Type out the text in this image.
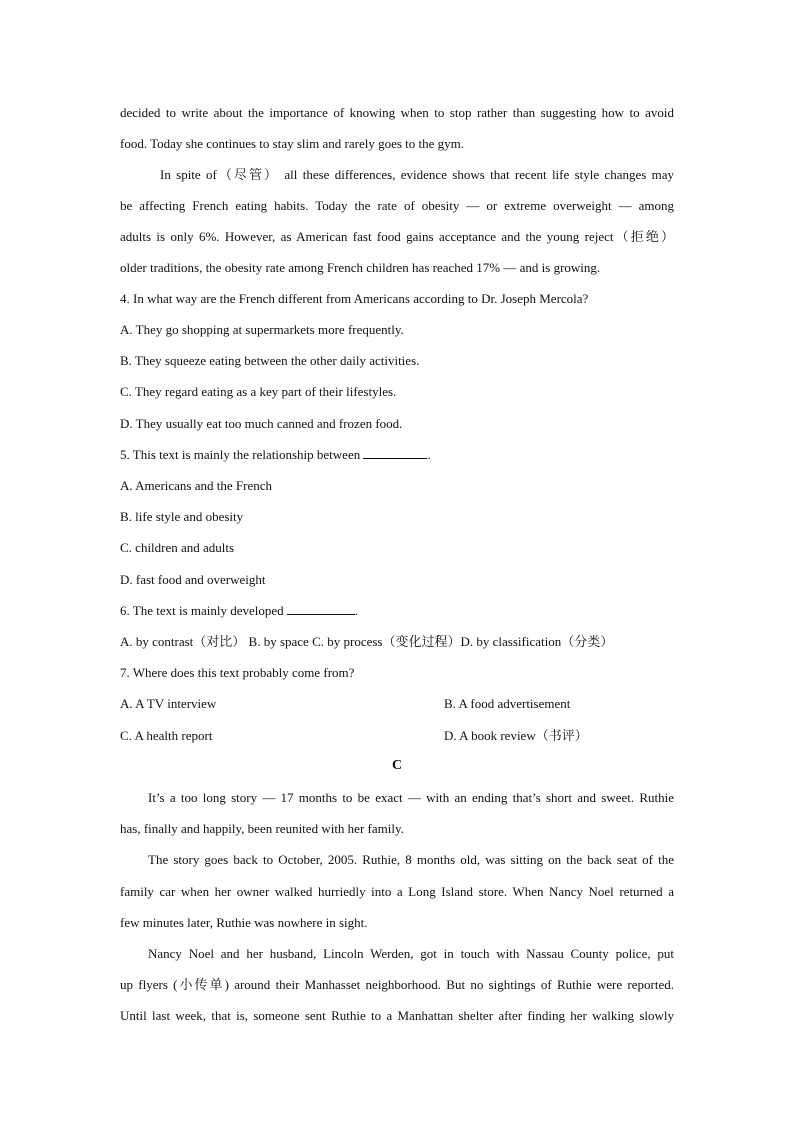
decided to write about the importance of knowing when to stop rather than suggesting how to avoid
food. Today she continues to stay slim and rarely goes to the gym.
In spite of（尽管） all these differences, evidence shows that recent life style changes may
be affecting French eating habits. Today the rate of obesity — or extreme overweight — among
adults is only 6%. However, as American fast food gains acceptance and the young reject（拒绝）
older traditions, the obesity rate among French children has reached 17% — and is growing.
4. In what way are the French different from Americans according to Dr. Joseph Mercola?
A. They go shopping at supermarkets more frequently.
B. They squeeze eating between the other daily activities.
C. They regard eating as a key part of their lifestyles.
D. They usually eat too much canned and frozen food.
5. This text is mainly the relationship between	.
A. Americans and the French
B. life style and obesity
C. children and adults
D. fast food and overweight
6. The text is mainly developed	.
A. by contrast（对比） B. by space C. by process（变化过程）D. by classification（分类）
7. Where does this text probably come from?
A. A TV interview	B. A food advertisement
C. A health report	D. A book review（书评）
C
It’s a too long story — 17 months to be exact — with an ending that’s short and sweet. Ruthie
has, finally and happily, been reunited with her family.
The story goes back to October, 2005. Ruthie, 8 months old, was sitting on the back seat of the
family car when her owner walked hurriedly into a Long Island store. When Nancy Noel returned a
few minutes later, Ruthie was nowhere in sight.
Nancy Noel and her husband, Lincoln Werden, got in touch with Nassau County police, put
up flyers (小传单) around their Manhasset neighborhood. But no sightings of Ruthie were reported.
Until last week, that is, someone sent Ruthie to a Manhattan shelter after finding her walking slowly
